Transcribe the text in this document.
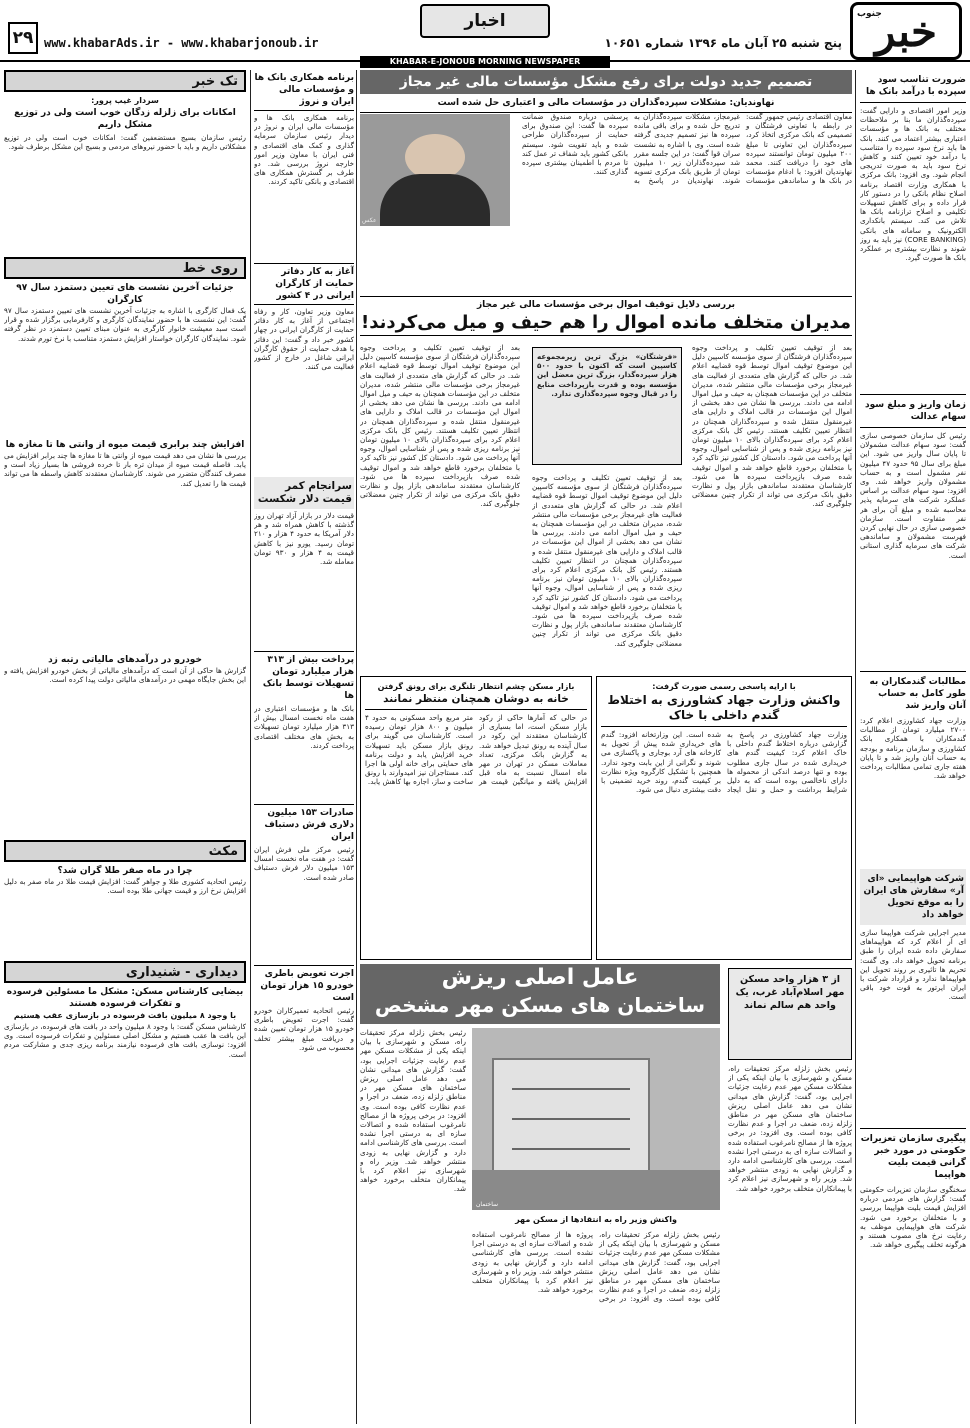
خبر
جنوب
پنج شنبه ۲۵ آبان ماه ۱۳۹۶ شماره ۱۰۶۵۱
اخبار
www.khabarAds.ir - www.khabarjonoub.ir
۲۹
KHABAR-E-JONOUB MORNING NEWSPAPER
ضرورت تناسب سود سپرده با درآمد بانک ها
وزیر امور اقتصادی و دارایی گفت: سپرده‌گذاران ما بنا بر ملاحظات مختلف به بانک ها و مؤسسات اعتباری بیشتر اعتماد می کنند. بانک ها باید نرخ سود سپرده را متناسب با درآمد خود تعیین کنند و کاهش نرخ سود باید به صورت تدریجی انجام شود. وی افزود: بانک مرکزی با همکاری وزارت اقتصاد برنامه اصلاح نظام بانکی را در دستور کار قرار داده و برای کاهش تسهیلات تکلیفی و اصلاح ترازنامه بانک ها تلاش می کند. سیستم بانکداری الکترونیک و سامانه های بانکی (CORE BANKING) نیز باید به روز شوند و نظارت بیشتری بر عملکرد بانک ها صورت گیرد.
زمان واریز و مبلغ سود سهام عدالت
رئیس کل سازمان خصوصی سازی گفت: سود سهام عدالت مشمولان تا پایان سال واریز می شود. این مبلغ برای سال ۹۵ حدود ۴۷ میلیون نفر مشمول است و به حساب مشمولان واریز خواهد شد. وی افزود: سود سهام عدالت بر اساس عملکرد شرکت های سرمایه پذیر محاسبه شده و مبلغ آن برای هر نفر متفاوت است. سازمان خصوصی سازی در حال نهایی کردن فهرست مشمولان و ساماندهی شرکت های سرمایه گذاری استانی است.
مطالبات گندمکاران به طور کامل به حساب آنان واریز شد
وزارت جهاد کشاورزی اعلام کرد: ۲۷۰۰ میلیارد تومان از مطالبات گندمکاران با همکاری بانک کشاورزی و سازمان برنامه و بودجه به حساب آنان واریز شد و تا پایان هفته جاری تمامی مطالبات پرداخت خواهد شد.
شرکت هواپیمایی «ای آر» سفارش های ایران را به موقع تحویل خواهد داد
مدیر اجرایی شرکت هواپیما سازی ای آر اعلام کرد که هواپیماهای سفارش داده شده ایران را طبق برنامه تحویل خواهد داد. وی گفت: تحریم ها تاثیری بر روند تحویل این هواپیماها ندارد و قرارداد شرکت با ایران ایرتور به قوت خود باقی است.
پیگیری سازمان تعزیرات حکومتی در مورد خبر گرانی قیمت بلیت هواپیما
سخنگوی سازمان تعزیرات حکومتی گفت: گزارش های مردمی درباره افزایش قیمت بلیت هواپیما بررسی و با متخلفان برخورد می شود. شرکت های هواپیمایی موظف به رعایت نرخ های مصوب هستند و هرگونه تخلف پیگیری خواهد شد.
تصمیم جدید دولت برای رفع مشکل مؤسسات مالی غیر مجاز
نهاوندیان: مشکلات سپرده‌گذاران در مؤسسات مالی و اعتباری حل شده است
معاون اقتصادی رئیس جمهور گفت: در رابطه با تعاونی فرشتگان و تصمیمی که بانک مرکزی اتخاذ کرد، سپرده‌گذاران این تعاونی تا مبلغ ۲۰۰ میلیون تومان توانستند سپرده های خود را دریافت کنند. محمد نهاوندیان افزود: با ادغام مؤسسات در بانک ها و ساماندهی مؤسسات غیرمجاز، مشکلات سپرده‌گذاران به تدریج حل شده و برای باقی مانده سپرده ها نیز تصمیم جدیدی گرفته شده است. وی با اشاره به نشست سران قوا گفت: در این جلسه مقرر شد سپرده‌گذاران زیر ۱۰ میلیون تومان از طریق بانک مرکزی تسویه شوند. نهاوندیان در پاسخ به پرسشی درباره صندوق ضمانت سپرده ها گفت: این صندوق برای حمایت از سپرده‌گذاران طراحی شده و باید تقویت شود. سیستم بانکی کشور باید شفاف تر عمل کند تا مردم با اطمینان بیشتری سپرده گذاری کنند.
عکس
بررسی دلایل توقیف اموال برخی مؤسسات مالی غیر مجاز
مدیران متخلف مانده اموال را هم حیف و میل می‌کردند!
بعد از توقیف تعیین تکلیف و پرداخت وجوه سپرده‌گذاران فرشتگان از سوی مؤسسه کاسپین دلیل این موضوع توقیف اموال توسط قوه قضاییه اعلام شد. در حالی که گزارش های متعددی از فعالیت های غیرمجاز برخی مؤسسات مالی منتشر شده، مدیران متخلف در این مؤسسات همچنان به حیف و میل اموال ادامه می دادند. بررسی ها نشان می دهد بخشی از اموال این مؤسسات در قالب املاک و دارایی های غیرمنقول منتقل شده و سپرده‌گذاران همچنان در انتظار تعیین تکلیف هستند. رئیس کل بانک مرکزی اعلام کرد برای سپرده‌گذاران بالای ۱۰ میلیون تومان نیز برنامه ریزی شده و پس از شناسایی اموال، وجوه آنها پرداخت می شود. دادستان کل کشور نیز تاکید کرد با متخلفان برخورد قاطع خواهد شد و اموال توقیف شده صرف بازپرداخت سپرده ها می شود. کارشناسان معتقدند ساماندهی بازار پول و نظارت دقیق بانک مرکزی می تواند از تکرار چنین معضلاتی جلوگیری کند.
«فرشتگان» بزرگ ترین زیرمجموعه کاسپین است که اکنون با حدود ۵۰۰ هزار سپرده‌گذار، بزرگ ترین معضل این مؤسسه بوده و قدرت بازپرداخت منابع را در قبال وجوه سپرده‌گذاری ندارد.
بعد از توقیف تعیین تکلیف و پرداخت وجوه سپرده‌گذاران فرشتگان از سوی مؤسسه کاسپین دلیل این موضوع توقیف اموال توسط قوه قضاییه اعلام شد. در حالی که گزارش های متعددی از فعالیت های غیرمجاز برخی مؤسسات مالی منتشر شده، مدیران متخلف در این مؤسسات همچنان به حیف و میل اموال ادامه می دادند. بررسی ها نشان می دهد بخشی از اموال این مؤسسات در قالب املاک و دارایی های غیرمنقول منتقل شده و سپرده‌گذاران همچنان در انتظار تعیین تکلیف هستند. رئیس کل بانک مرکزی اعلام کرد برای سپرده‌گذاران بالای ۱۰ میلیون تومان نیز برنامه ریزی شده و پس از شناسایی اموال، وجوه آنها پرداخت می شود. دادستان کل کشور نیز تاکید کرد با متخلفان برخورد قاطع خواهد شد و اموال توقیف شده صرف بازپرداخت سپرده ها می شود. کارشناسان معتقدند ساماندهی بازار پول و نظارت دقیق بانک مرکزی می تواند از تکرار چنین معضلاتی جلوگیری کند.
بعد از توقیف تعیین تکلیف و پرداخت وجوه سپرده‌گذاران فرشتگان از سوی مؤسسه کاسپین دلیل این موضوع توقیف اموال توسط قوه قضاییه اعلام شد. در حالی که گزارش های متعددی از فعالیت های غیرمجاز برخی مؤسسات مالی منتشر شده، مدیران متخلف در این مؤسسات همچنان به حیف و میل اموال ادامه می دادند. بررسی ها نشان می دهد بخشی از اموال این مؤسسات در قالب املاک و دارایی های غیرمنقول منتقل شده و سپرده‌گذاران همچنان در انتظار تعیین تکلیف هستند. رئیس کل بانک مرکزی اعلام کرد برای سپرده‌گذاران بالای ۱۰ میلیون تومان نیز برنامه ریزی شده و پس از شناسایی اموال، وجوه آنها پرداخت می شود. دادستان کل کشور نیز تاکید کرد با متخلفان برخورد قاطع خواهد شد و اموال توقیف شده صرف بازپرداخت سپرده ها می شود. کارشناسان معتقدند ساماندهی بازار پول و نظارت دقیق بانک مرکزی می تواند از تکرار چنین معضلاتی جلوگیری کند.
با ارایه پاسخی رسمی صورت گرفت:
واکنش وزارت جهاد کشاورزی به اختلاط گندم داخلی با خاک
وزارت جهاد کشاورزی در پاسخ به گزارشی درباره اختلاط گندم داخلی با خاک اعلام کرد: کیفیت گندم های خریداری شده در سال جاری مطلوب بوده و تنها درصد اندکی از محموله ها دارای ناخالصی بوده است که به دلیل شرایط برداشت و حمل و نقل ایجاد شده است. این وزارتخانه افزود: گندم های خریداری شده پیش از تحویل به کارخانه های آرد بوجاری و پاکسازی می شوند و نگرانی از این بابت وجود ندارد. همچنین با تشکیل کارگروه ویژه نظارت بر کیفیت گندم، روند خرید تضمینی با دقت بیشتری دنبال می شود.
بازار مسکن چشم انتظار تلنگری برای رونق گرفتن
خانه به دوشان همچنان منتظر نمانند
در حالی که آمارها حاکی از رکود بازار مسکن است، اما بسیاری از کارشناسان معتقدند این رکود در سال آینده به رونق تبدیل خواهد شد. به گزارش بانک مرکزی، تعداد معاملات مسکن در تهران در مهر ماه امسال نسبت به ماه قبل افزایش یافته و میانگین قیمت هر متر مربع واحد مسکونی به حدود ۴ میلیون و ۸۰۰ هزار تومان رسیده است. کارشناسان می گویند برای رونق بازار مسکن باید تسهیلات خرید افزایش یابد و دولت برنامه های حمایتی برای خانه اولی ها اجرا کند. مستاجران نیز امیدوارند با رونق ساخت و ساز، اجاره بها کاهش یابد.
عامل اصلی ریزش
ساختمان های مسکن مهر مشخص
از ۳ هزار واحد مسکن مهر اسلام‌آباد غرب، یک واحد هم سالم نماند
ساختمان
رئیس بخش زلزله مرکز تحقیقات راه، مسکن و شهرسازی با بیان اینکه یکی از مشکلات مسکن مهر عدم رعایت جزئیات اجرایی بود، گفت: گزارش های میدانی نشان می دهد عامل اصلی ریزش ساختمان های مسکن مهر در مناطق زلزله زده، ضعف در اجرا و عدم نظارت کافی بوده است. وی افزود: در برخی پروژه ها از مصالح نامرغوب استفاده شده و اتصالات سازه ای به درستی اجرا نشده است. بررسی های کارشناسی ادامه دارد و گزارش نهایی به زودی منتشر خواهد شد. وزیر راه و شهرسازی نیز اعلام کرد با پیمانکاران متخلف برخورد خواهد شد.
رئیس بخش زلزله مرکز تحقیقات راه، مسکن و شهرسازی با بیان اینکه یکی از مشکلات مسکن مهر عدم رعایت جزئیات اجرایی بود، گفت: گزارش های میدانی نشان می دهد عامل اصلی ریزش ساختمان های مسکن مهر در مناطق زلزله زده، ضعف در اجرا و عدم نظارت کافی بوده است. وی افزود: در برخی پروژه ها از مصالح نامرغوب استفاده شده و اتصالات سازه ای به درستی اجرا نشده است. بررسی های کارشناسی ادامه دارد و گزارش نهایی به زودی منتشر خواهد شد. وزیر راه و شهرسازی نیز اعلام کرد با پیمانکاران متخلف برخورد خواهد شد.
واکنش وزیر راه به انتقادها از مسکن مهر
رئیس بخش زلزله مرکز تحقیقات راه، مسکن و شهرسازی با بیان اینکه یکی از مشکلات مسکن مهر عدم رعایت جزئیات اجرایی بود، گفت: گزارش های میدانی نشان می دهد عامل اصلی ریزش ساختمان های مسکن مهر در مناطق زلزله زده، ضعف در اجرا و عدم نظارت کافی بوده است. وی افزود: در برخی پروژه ها از مصالح نامرغوب استفاده شده و اتصالات سازه ای به درستی اجرا نشده است. بررسی های کارشناسی ادامه دارد و گزارش نهایی به زودی منتشر خواهد شد. وزیر راه و شهرسازی نیز اعلام کرد با پیمانکاران متخلف برخورد خواهد شد.
برنامه همکاری بانک ها و مؤسسات مالی ایران و نروژ
برنامه همکاری بانک ها و مؤسسات مالی ایران و نروژ در دیدار رئیس سازمان سرمایه گذاری و کمک های اقتصادی و فنی ایران با معاون وزیر امور خارجه نروژ بررسی شد. دو طرف بر گسترش همکاری های اقتصادی و بانکی تاکید کردند.
آغاز به کار دفاتر حمایت از کارگران ایرانی در ۴ کشور
معاون وزیر تعاون، کار و رفاه اجتماعی از آغاز به کار دفاتر حمایت از کارگران ایرانی در چهار کشور خبر داد و گفت: این دفاتر با هدف حمایت از حقوق کارگران ایرانی شاغل در خارج از کشور فعالیت می کنند.
سرانجام کمر قیمت دلار شکست
قیمت دلار در بازار آزاد تهران روز گذشته با کاهش همراه شد و هر دلار آمریکا به حدود ۴ هزار و ۲۱۰ تومان رسید. یورو نیز با کاهش قیمت به ۴ هزار و ۹۳۰ تومان معامله شد.
پرداخت بیش از ۳۱۳ هزار میلیارد تومان تسهیلات توسط بانک ها
بانک ها و مؤسسات اعتباری در هفت ماه نخست امسال بیش از ۳۱۳ هزار میلیارد تومان تسهیلات به بخش های مختلف اقتصادی پرداخت کردند.
صادرات ۱۵۳ میلیون دلاری فرش دستباف ایران
رئیس مرکز ملی فرش ایران گفت: در هفت ماه نخست امسال ۱۵۳ میلیون دلار فرش دستباف صادر شده است.
اجرت تعویض باطری خودرو ۱۵ هزار تومان است
رئیس اتحادیه تعمیرکاران خودرو گفت: اجرت تعویض باطری خودرو ۱۵ هزار تومان تعیین شده و دریافت مبلغ بیشتر تخلف محسوب می شود.
تک خبر
سردار غیب پرور:
امکانات برای زلزله زدگان خوب است ولی در توزیع مشکل داریم
رئیس سازمان بسیج مستضعفین گفت: امکانات خوب است ولی در توزیع مشکلاتی داریم و باید با حضور نیروهای مردمی و بسیج این مشکل برطرف شود.
روی خط
جزئیات آخرین نشست های تعیین دستمزد سال ۹۷ کارگران
یک فعال کارگری با اشاره به جزئیات آخرین نشست های تعیین دستمزد سال ۹۷ گفت: این نشست ها با حضور نمایندگان کارگری و کارفرمایی برگزار شده و قرار است سبد معیشت خانوار کارگری به عنوان مبنای تعیین دستمزد در نظر گرفته شود. نمایندگان کارگران خواستار افزایش دستمزد متناسب با نرخ تورم شدند.
افزایش چند برابری قیمت میوه از وانتی ها تا مغازه ها
بررسی ها نشان می دهد قیمت میوه از وانتی ها تا مغازه ها چند برابر افزایش می یابد. فاصله قیمت میوه از میدان تره بار تا خرده فروشی ها بسیار زیاد است و مصرف کنندگان متضرر می شوند. کارشناسان معتقدند کاهش واسطه ها می تواند قیمت ها را تعدیل کند.
خودرو در درآمدهای مالیاتی رتبه زد
گزارش ها حاکی از آن است که درآمدهای مالیاتی از بخش خودرو افزایش یافته و این بخش جایگاه مهمی در درآمدهای مالیاتی دولت پیدا کرده است.
مکث
چرا در ماه صفر طلا گران شد؟
رئیس اتحادیه کشوری طلا و جواهر گفت: افزایش قیمت طلا در ماه صفر به دلیل افزایش نرخ ارز و قیمت جهانی طلا بوده است.
دیداری - شنیداری
بیضایی کارشناس مسکن: مشکل ما مسئولین فرسوده و تفکرات فرسوده هستند
با وجود ۸ میلیون بافت فرسوده در بازسازی عقب هستیم
کارشناس مسکن گفت: با وجود ۸ میلیون واحد در بافت های فرسوده، در بازسازی این بافت ها عقب هستیم و مشکل اصلی مسئولین و تفکرات فرسوده است. وی افزود: نوسازی بافت های فرسوده نیازمند برنامه ریزی جدی و مشارکت مردم است.
